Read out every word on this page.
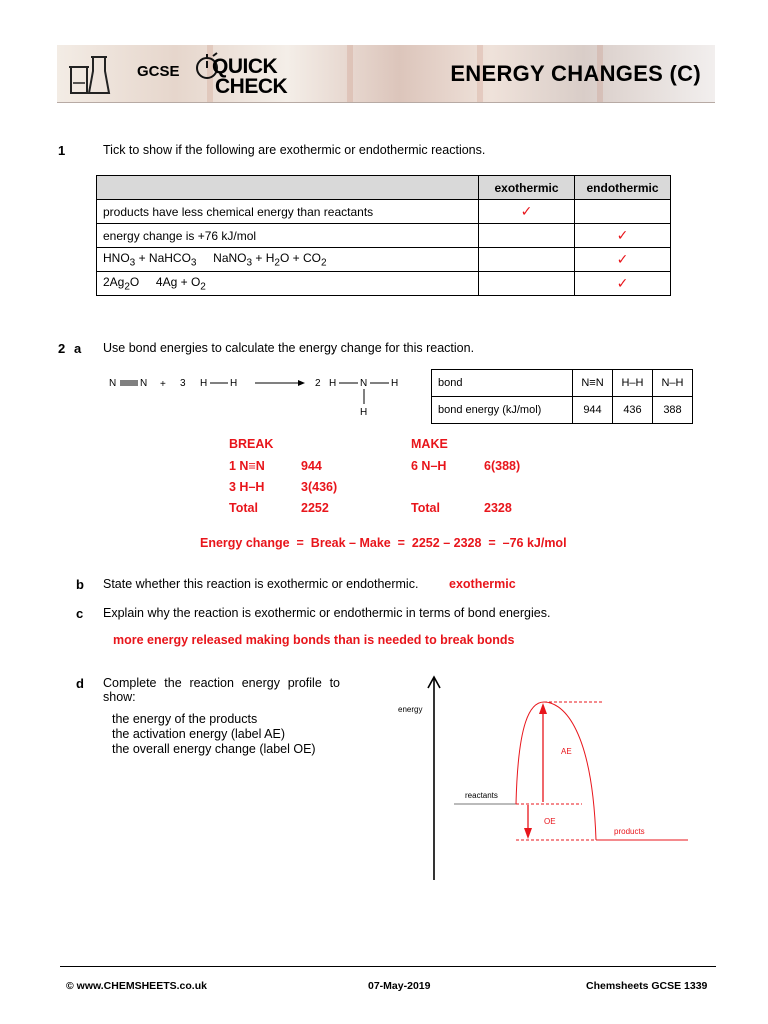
GCSE QUICK
CHECK
ENERGY CHANGES (C)
1	Tick to show if the following are exothermic or endothermic reactions.
	exothermic	endothermic
products have less chemical energy than reactants	✓	
energy change is +76 kJ/mol		✓

$HNO_3$ + NaHCO$_3$     NaNO$_3$ + $H_2O + CO_2$		✓

$2Ag_2O$     $4Ag + O_2$		✓
2 a Use bond energies to calculate the energy change for this reaction.
N N + 3 H H	2 H N H
H
bond	N≡N	H–H	N–H
bond energy (kJ/mol)	944	436	388
BREAK	MAKE
1 N≡N	944	6 N–H	6(388)
3 H–H	3(436)
Total	2252	Total	2328
Energy change  =  Break – Make  =  2252 – 2328  =  –76 kJ/mol
b State whether this reaction is exothermic or endothermic. exothermic
c Explain why the reaction is exothermic or endothermic in terms of bond energies.
more energy released making bonds than is needed to break bonds
d Complete the reaction energy profile to
show:
the energy of the products
the activation energy (label AE)
the overall energy change (label OE)
energy
reactants
products
AE
OE
© www.CHEMSHEETS.co.uk	07-May-2019	Chemsheets GCSE 1339
